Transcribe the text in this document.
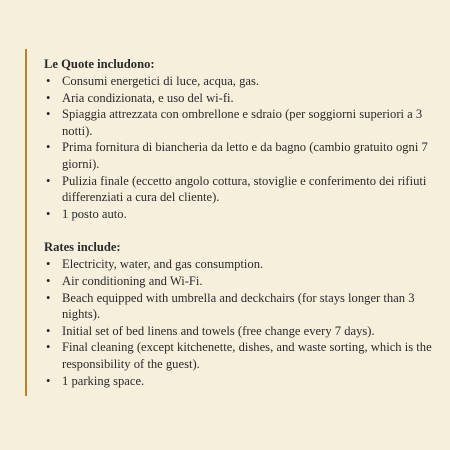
Le Quote includono:

• Consumi energetici di luce, acqua, gas.
• Aria condizionata, e uso del wi-fi.
• Spiaggia attrezzata con ombrellone e sdraio (per soggiorni superiori a 3 notti).
• Prima fornitura di biancheria da letto e da bagno (cambio gratuito ogni 7 giorni).
• Pulizia finale (eccetto angolo cottura, stoviglie e conferimento dei rifiuti differenziati a cura del cliente).
• 1 posto auto.

Rates include:

• Electricity, water, and gas consumption.
• Air conditioning and Wi-Fi.
• Beach equipped with umbrella and deckchairs (for stays longer than 3 nights).
• Initial set of bed linens and towels (free change every 7 days).
• Final cleaning (except kitchenette, dishes, and waste sorting, which is the responsibility of the guest).
• 1 parking space.
